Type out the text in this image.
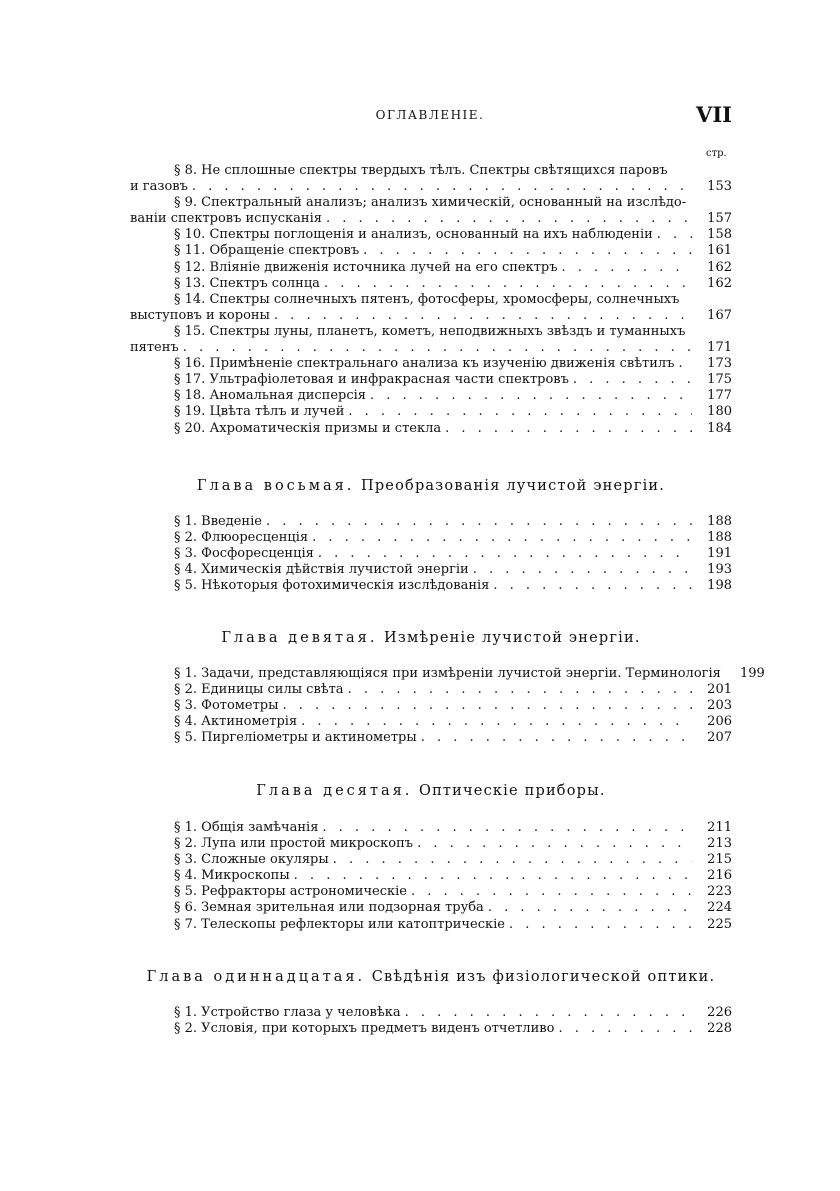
ОГЛАВЛЕНIЕ.	VII
стр.
§ 8. Не сплошные спектры твердыхъ тѣлъ. Спектры свѣтящихся паровъ
и газовъ . . .	153
§ 9. Спектральный анализъ; анализъ химическiй, основанный на изслѣдо-
ванiи спектровъ испусканiя . . .	157
§ 10. Спектры поглощенiя и анализъ, основанный на ихъ наблюденiи . . .	158
§ 11. Обращенiе спектровъ . . .	161
§ 12. Влiянiе движенiя источника лучей на его спектръ . . .	162
§ 13. Спектръ солнца . . .	162
§ 14. Спектры солнечныхъ пятенъ, фотосферы, хромосферы, солнечныхъ
выступовъ и короны . . .	167
§ 15. Спектры луны, планетъ, кометъ, неподвижныхъ звѣздъ и туманныхъ
пятенъ . . .	171
§ 16. Примѣненiе спектральнаго анализа къ изученiю движенiя свѣтилъ . . .	173
§ 17. Ультрафiолетовая и инфракрасная части спектровъ . . .	175
§ 18. Аномальная дисперсiя . . .	177
§ 19. Цвѣта тѣлъ и лучей . . .	180
§ 20. Ахроматическiя призмы и стекла . . .	184
Глава восьмая. Преобразованiя лучистой энергiи.
§ 1. Введенiе . . .	188
§ 2. Флюоресценцiя . . .	188
§ 3. Фосфоресценцiя . . .	191
§ 4. Химическiя дѣйствiя лучистой энергiи . . .	193
§ 5. Нѣкоторыя фотохимическiя изслѣдованiя . . .	198
Глава девятая. Измѣренiе лучистой энергiи.
§ 1. Задачи, представляющiяся при измѣренiи лучистой энергiи. Терминологiя	199
§ 2. Единицы силы свѣта . . .	201
§ 3. Фотометры . . .	203
§ 4. Актинометрiя . . .	206
§ 5. Пиргелiометры и актинометры . . .	207
Глава десятая. Оптическiе приборы.
§ 1. Общiя замѣчанiя . . .	211
§ 2. Лупа или простой микроскопъ . . .	213
§ 3. Сложные окуляры . . .	215
§ 4. Микроскопы . . .	216
§ 5. Рефракторы астрономическiе . . .	223
§ 6. Земная зрительная или подзорная труба . . .	224
§ 7. Телескопы рефлекторы или катоптрическiе . . .	225
Глава одиннадцатая. Свѣдѣнiя изъ физiологической оптики.
§ 1. Устройство глаза у человѣка . . .	226
§ 2. Условiя, при которыхъ предметъ виденъ отчетливо . . .	228
